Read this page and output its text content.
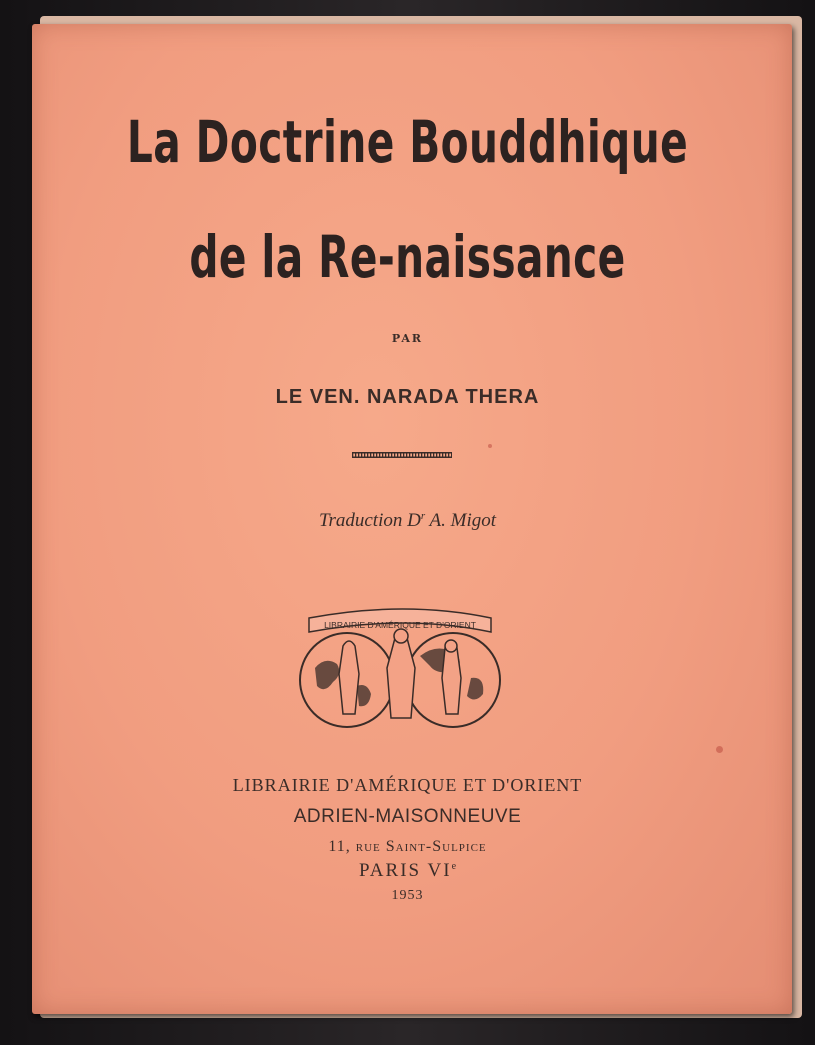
La Doctrine Bouddhique
de la Re-naissance
PAR
LE VEN. NARADA THERA
Traduction $D^r$ A. Migot
LIBRAIRIE D'AMÉRIQUE ET D'ORIENT
LIBRAIRIE D'AMÉRIQUE ET D'ORIENT
ADRIEN-MAISONNEUVE
11, rue Saint-Sulpice
PARIS VIe
1953
